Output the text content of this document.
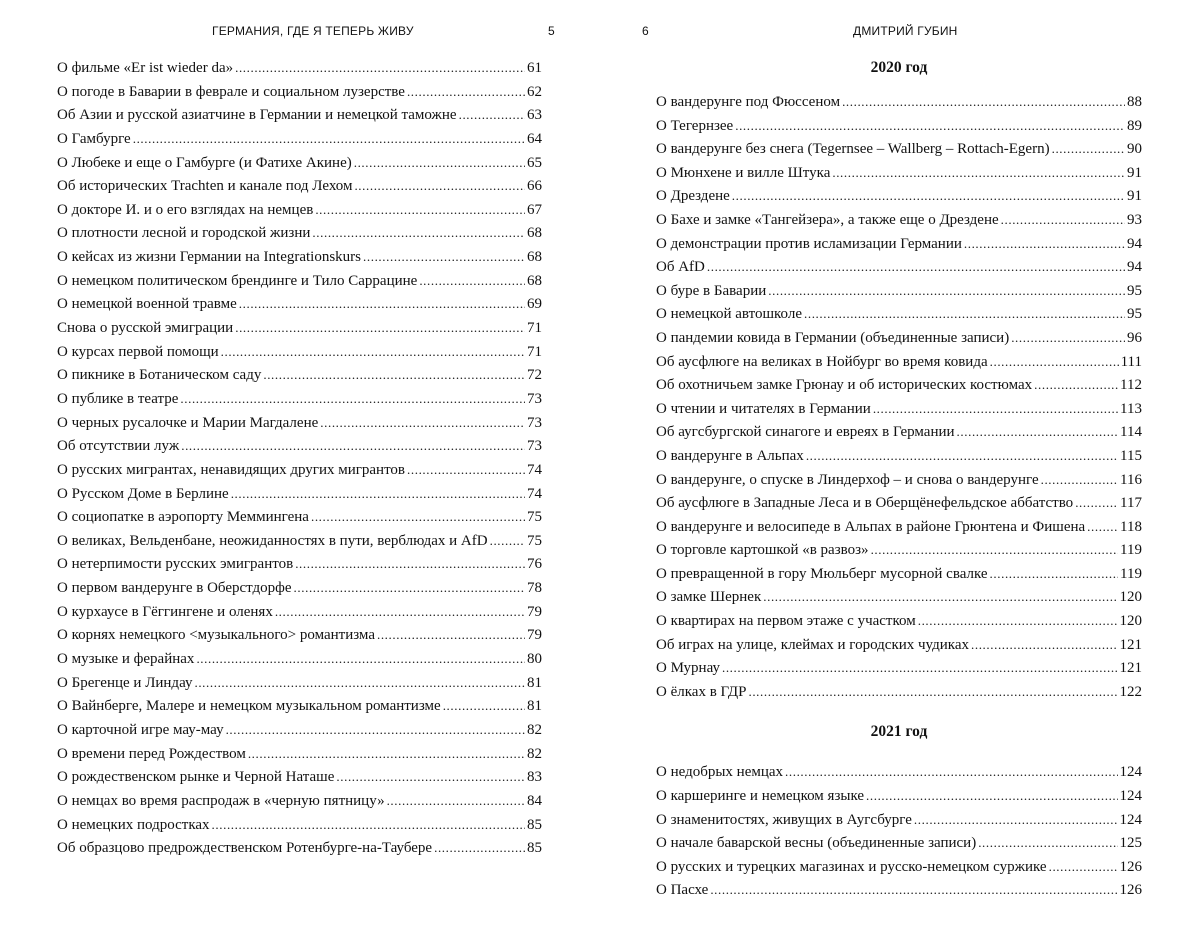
ГЕРМАНИЯ, ГДЕ Я ТЕПЕРЬ ЖИВУ	5
О фильме «Er ist wieder da» .....	61
О погоде в Баварии в феврале и социальном лузерстве .....	62
Об Азии и русской азиатчине в Германии и немецкой таможне .....	63
О Гамбурге .....	64
О Любеке и еще о Гамбурге (и Фатихе Акине) .....	65
Об исторических Trachten и канале под Лехом .....	66
О докторе И. и о его взглядах на немцев .....	67
О плотности лесной и городской жизни .....	68
О кейсах из жизни Германии на Integrationskurs .....	68
О немецком политическом брендинге и Тило Саррацине .....	68
О немецкой военной травме .....	69
Снова о русской эмиграции .....	71
О курсах первой помощи .....	71
О пикнике в Ботаническом саду .....	72
О публике в театре .....	73
О черных русалочке и Марии Магдалене .....	73
Об отсутствии луж .....	73
О русских мигрантах, ненавидящих других мигрантов .....	74
О Русском Доме в Берлине .....	74
О социопатке в аэропорту Меммингена .....	75
О великах, Вельденбане, неожиданностях в пути, верблюдах и AfD .....	75
О нетерпимости русских эмигрантов .....	76
О первом вандерунге в Оберстдорфе .....	78
О курхаусе в Гёггингене и оленях .....	79
О корнях немецкого <музыкального> романтизма .....	79
О музыке и ферайнах .....	80
О Брегенце и Линдау .....	81
О Вайнберге, Малере и немецком музыкальном романтизме .....	81
О карточной игре мау-мау .....	82
О времени перед Рождеством .....	82
О рождественском рынке и Черной Наташе .....	83
О немцах во время распродаж в «черную пятницу» .....	84
О немецких подростках .....	85
Об образцово предрождественском Ротенбурге-на-Таубере .....	85
6	ДМИТРИЙ ГУБИН
2020 год
О вандерунге под Фюссеном .....	88
О Тегернзее .....	89
О вандерунге без снега (Tegernsee – Wallberg – Rottach-Egern) .....	90
О Мюнхене и вилле Штука .....	91
О Дрездене .....	91
О Бахе и замке «Тангейзера», а также еще о Дрездене .....	93
О демонстрации против исламизации Германии .....	94
Об AfD .....	94
О буре в Баварии .....	95
О немецкой автошколе .....	95
О пандемии ковида в Германии (объединенные записи) .....	96
Об аусфлюге на великах в Нойбург во время ковида .....	111
Об охотничьем замке Грюнау и об исторических костюмах .....	112
О чтении и читателях в Германии .....	113
Об аугсбургской синагоге и евреях в Германии .....	114
О вандерунге в Альпах .....	115
О вандерунге, о спуске в Линдерхоф – и снова о вандерунге .....	116
Об аусфлюге в Западные Леса и в Оберщёнефельдское аббатство .....	117
О вандерунге и велосипеде в Альпах в районе Грюнтена и Фишена ..... 118
О торговле картошкой «в развоз» .....	119
О превращенной в гору Мюльберг мусорной свалке .....	119
О замке Шернек .....	120
О квартирах на первом этаже с участком .....	120
Об играх на улице, клеймах и городских чудиках .....	121
О Мурнау .....	121
О ёлках в ГДР .....	122
2021 год
О недобрых немцах .....	124
О каршеринге и немецком языке .....	124
О знаменитостях, живущих в Аугсбурге .....	124
О начале баварской весны (объединенные записи) .....	125
О русских и турецких магазинах и русско-немецком суржике .....	126
О Пасхе .....	126
